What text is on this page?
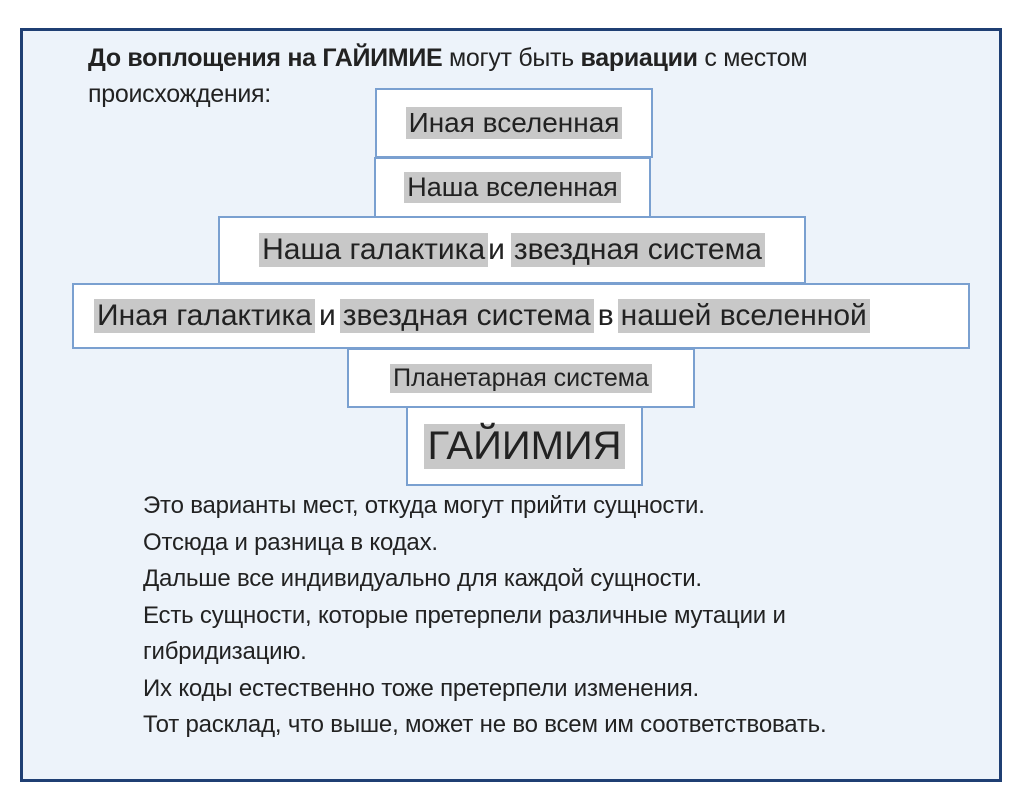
До воплощения на ГАЙИМИЕ могут быть вариации с местом происхождения:

Иная вселенная
Наша вселенная
Наша галактика и звездная система
Иная галактика и звездная система в нашей вселенной
Планетарная система
ГАЙИМИЯ
Это варианты мест, откуда могут прийти сущности.
Отсюда и разница в кодах.
Дальше все индивидуально для каждой сущности.
Есть сущности, которые претерпели различные мутации и
гибридизацию.
Их коды естественно тоже претерпели изменения.
Тот расклад, что выше, может не во всем им соответствовать.
